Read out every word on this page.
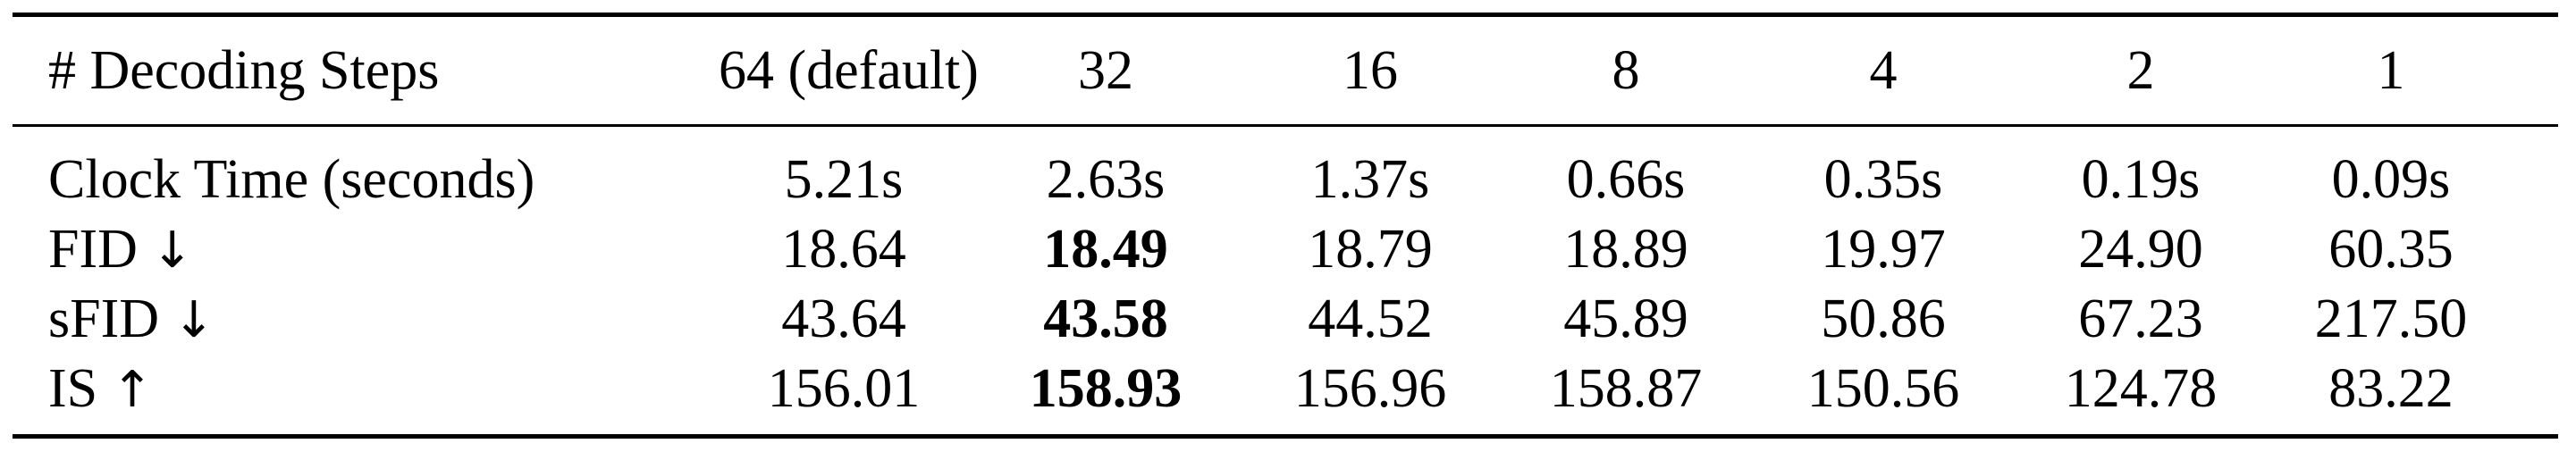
# Decoding Steps	64 (default)	32	16	8	4	2	1
Clock Time (seconds)	5.21s	2.63s	1.37s	0.66s	0.35s	0.19s	0.09s
FID ↓	18.64	18.49	18.79	18.89	19.97	24.90	60.35
sFID ↓	43.64	43.58	44.52	45.89	50.86	67.23	217.50
IS ↑	156.01	158.93	156.96	158.87	150.56	124.78	83.22
